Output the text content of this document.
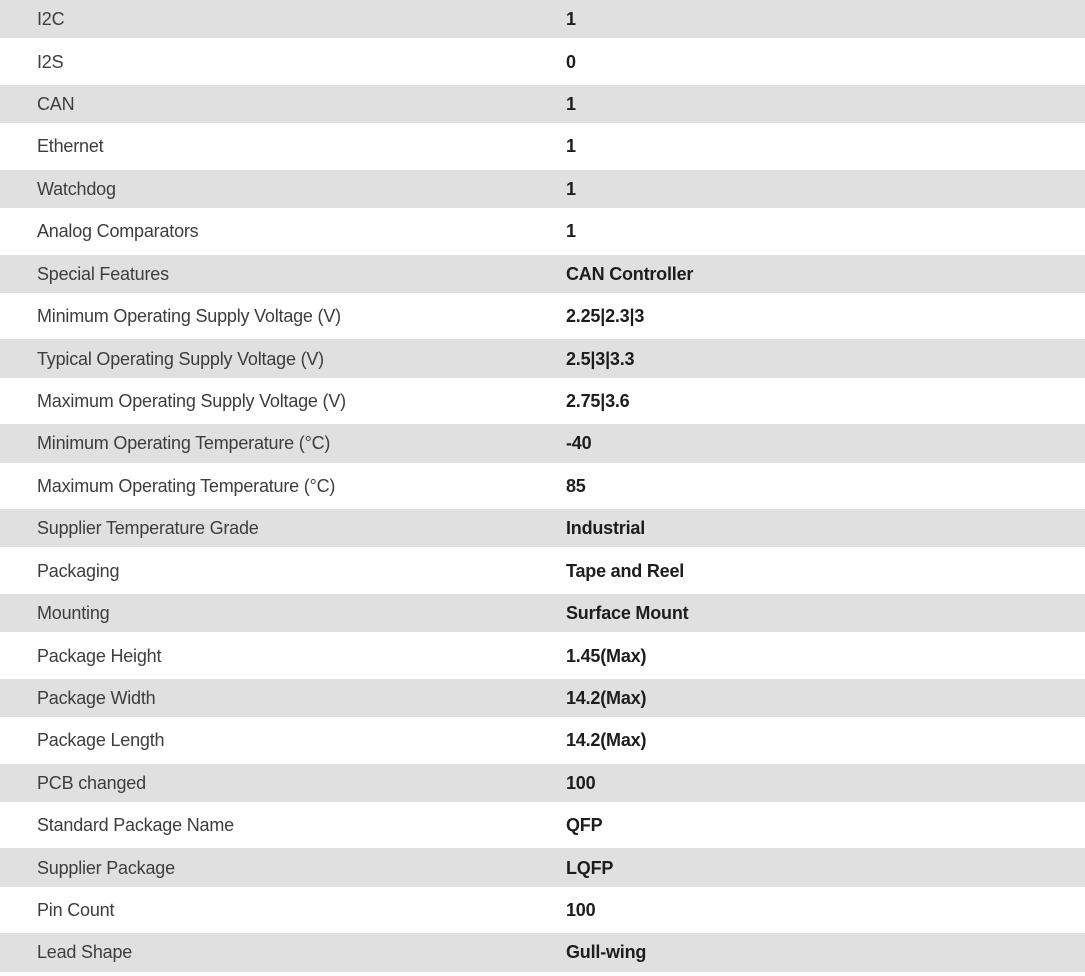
I2C	1
I2S	0
CAN	1
Ethernet	1
Watchdog	1
Analog Comparators	1
Special Features	CAN Controller
Minimum Operating Supply Voltage (V)	2.25|2.3|3
Typical Operating Supply Voltage (V)	2.5|3|3.3
Maximum Operating Supply Voltage (V)	2.75|3.6
Minimum Operating Temperature (°C)	-40
Maximum Operating Temperature (°C)	85
Supplier Temperature Grade	Industrial
Packaging	Tape and Reel
Mounting	Surface Mount
Package Height	1.45(Max)
Package Width	14.2(Max)
Package Length	14.2(Max)
PCB changed	100
Standard Package Name	QFP
Supplier Package	LQFP
Pin Count	100
Lead Shape	Gull-wing
